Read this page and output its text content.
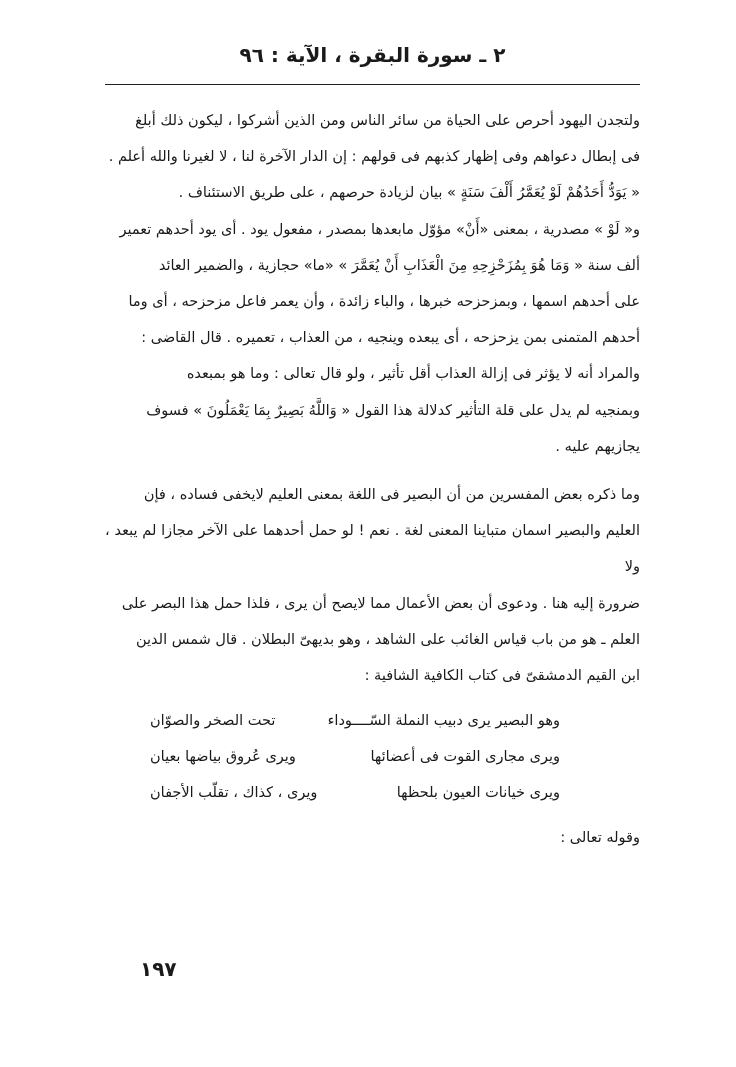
٢ ـ سورة البقرة ، الآية : ٩٦

ولتجدن اليهود أحرص على الحياة من سائر الناس ومن الذين أشركوا ، ليكون ذلك أبلغ

فى إبطال دعواهم وفى إظهار كذبهم فى قولهم : إن الدار الآخرة لنا ، لا لغيرنا والله أعلم .

« يَوَدُّ أَحَدُهُمْ لَوْ يُعَمَّرُ أَلْفَ سَنَةٍ » بيان لزيادة حرصهم ، على طريق الاستئناف .

و« لَوْ » مصدرية ، بمعنى «أَنْ» مؤوّل مابعدها بمصدر ، مفعول يود . أى يود أحدهم تعمير

ألف سنة « وَمَا هُوَ بِمُزَحْزِحِهِ مِنَ الْعَذَابِ أَنْ يُعَمَّرَ » «ما» حجازية ، والضمير العائد

على أحدهم اسمها ، وبمزحزحه خبرها ، والباء زائدة ، وأن يعمر فاعل مزحزحه ، أى وما

أحدهم المتمنى بمن يزحزحه ، أى يبعده وينجيه ، من العذاب ، تعميره . قال القاضى :

والمراد أنه لا يؤثر فى إزالة العذاب أقل تأثير ، ولو قال تعالى : وما هو بمبعده

وبمنجيه لم يدل على قلة التأثير كدلالة هذا القول « وَاللَّهُ بَصِيرٌ بِمَا يَعْمَلُونَ » فسوف

يجازيهم عليه .

وما ذكره بعض المفسرين من أن البصير فى اللغة بمعنى العليم لايخفى فساده ، فإن

العليم والبصير اسمان متباينا المعنى لغة . نعم ! لو حمل أحدهما على الآخر مجازا لم يبعد ، ولا

ضرورة إليه هنا . ودعوى أن بعض الأعمال مما لايصح أن يرى ، فلذا حمل هذا البصر على

العلم ـ هو من باب قياس الغائب على الشاهد ، وهو بديهىّ البطلان . قال شمس الدين

ابن القيم الدمشقىّ فى كتاب الكافية الشافية :

وهو البصير يرى دبيب النملة السّــــوداء
تحت الصخر والصوّان
ويرى مجارى القوت فى أعضائها
ويرى عُروق بياضها بعيان
ويرى خيانات العيون بلحظها
ويرى ، كذاك ، تقلّب الأجفان
وقوله تعالى :
١٩٧
